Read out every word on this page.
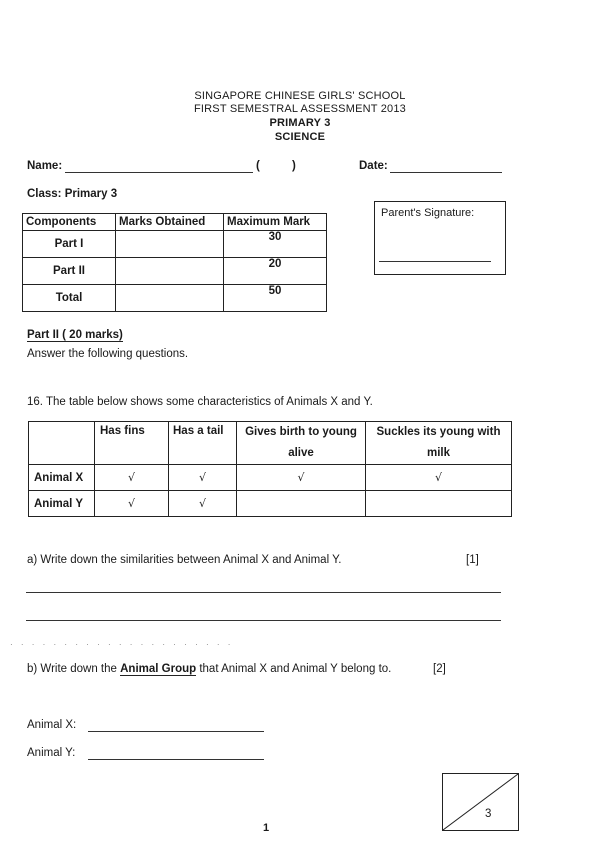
SINGAPORE CHINESE GIRLS' SCHOOL
FIRST SEMESTRAL ASSESSMENT 2013
PRIMARY 3
SCIENCE
Name:	(	)	Date:
Class: Primary 3
Components	Marks Obtained	Maximum Mark
Part I		30
Part II		20
Total		50
Parent's Signature:
Part II ( 20 marks)
Answer the following questions.
16. The table below shows some characteristics of Animals X and Y.
	Has fins	Has a tail	Gives birth to young alive	Suckles its young with milk
Animal X	√	√	√	√
Animal Y	√	√		
a) Write down the similarities between Animal X and Animal Y.	[1]
· · · · · · · · · · · · · · · · · · · · ·
b) Write down the Animal Group that Animal X and Animal Y belong to.	[2]
Animal X:
Animal Y:
3
1
